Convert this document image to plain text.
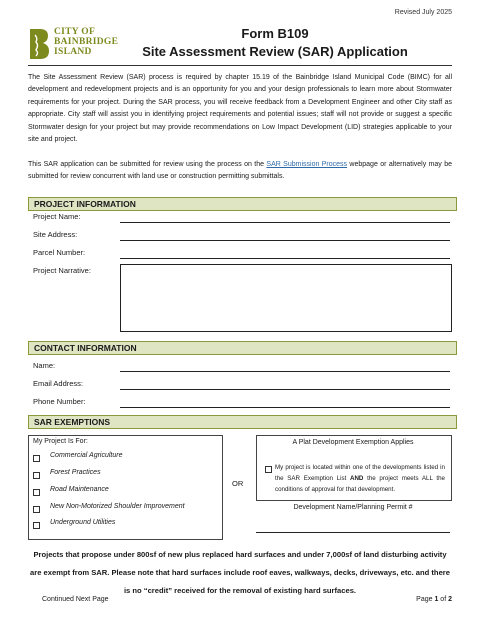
Revised July 2025
CITY OF
BAINBRIDGE
ISLAND
Form B109
Site Assessment Review (SAR) Application
The Site Assessment Review (SAR) process is required by chapter 15.19 of the Bainbridge Island Municipal Code (BIMC) for all development and redevelopment projects and is an opportunity for you and your design professionals to learn more about Stormwater requirements for your project. During the SAR process, you will receive feedback from a Development Engineer and other City staff as appropriate. City staff will assist you in identifying project requirements and potential issues; staff will not provide or suggest a specific Stormwater design for your project but may provide recommendations on Low Impact Development (LID) strategies applicable to your site and project.
This SAR application can be submitted for review using the process on the SAR Submission Process webpage or alternatively may be submitted for review concurrent with land use or construction permitting submittals.
PROJECT INFORMATION
Project Name:
Site Address:
Parcel Number:
Project Narrative:
CONTACT INFORMATION
Name:
Email Address:
Phone Number:
SAR EXEMPTIONS
My Project Is For:
Commercial Agriculture
Forest Practices
Road Maintenance
New Non-Motorized Shoulder Improvement
Underground Utilities
OR
A Plat Development Exemption Applies
My project is located within one of the developments listed in the SAR Exemption List AND the project meets ALL the conditions of approval for that development.
Development Name/Planning Permit #
Projects that propose under 800sf of new plus replaced hard surfaces and under 7,000sf of land disturbing activity are exempt from SAR. Please note that hard surfaces include roof eaves, walkways, decks, driveways, etc. and there is no “credit” received for the removal of existing hard surfaces.
Continued Next Page	Page 1 of 2
